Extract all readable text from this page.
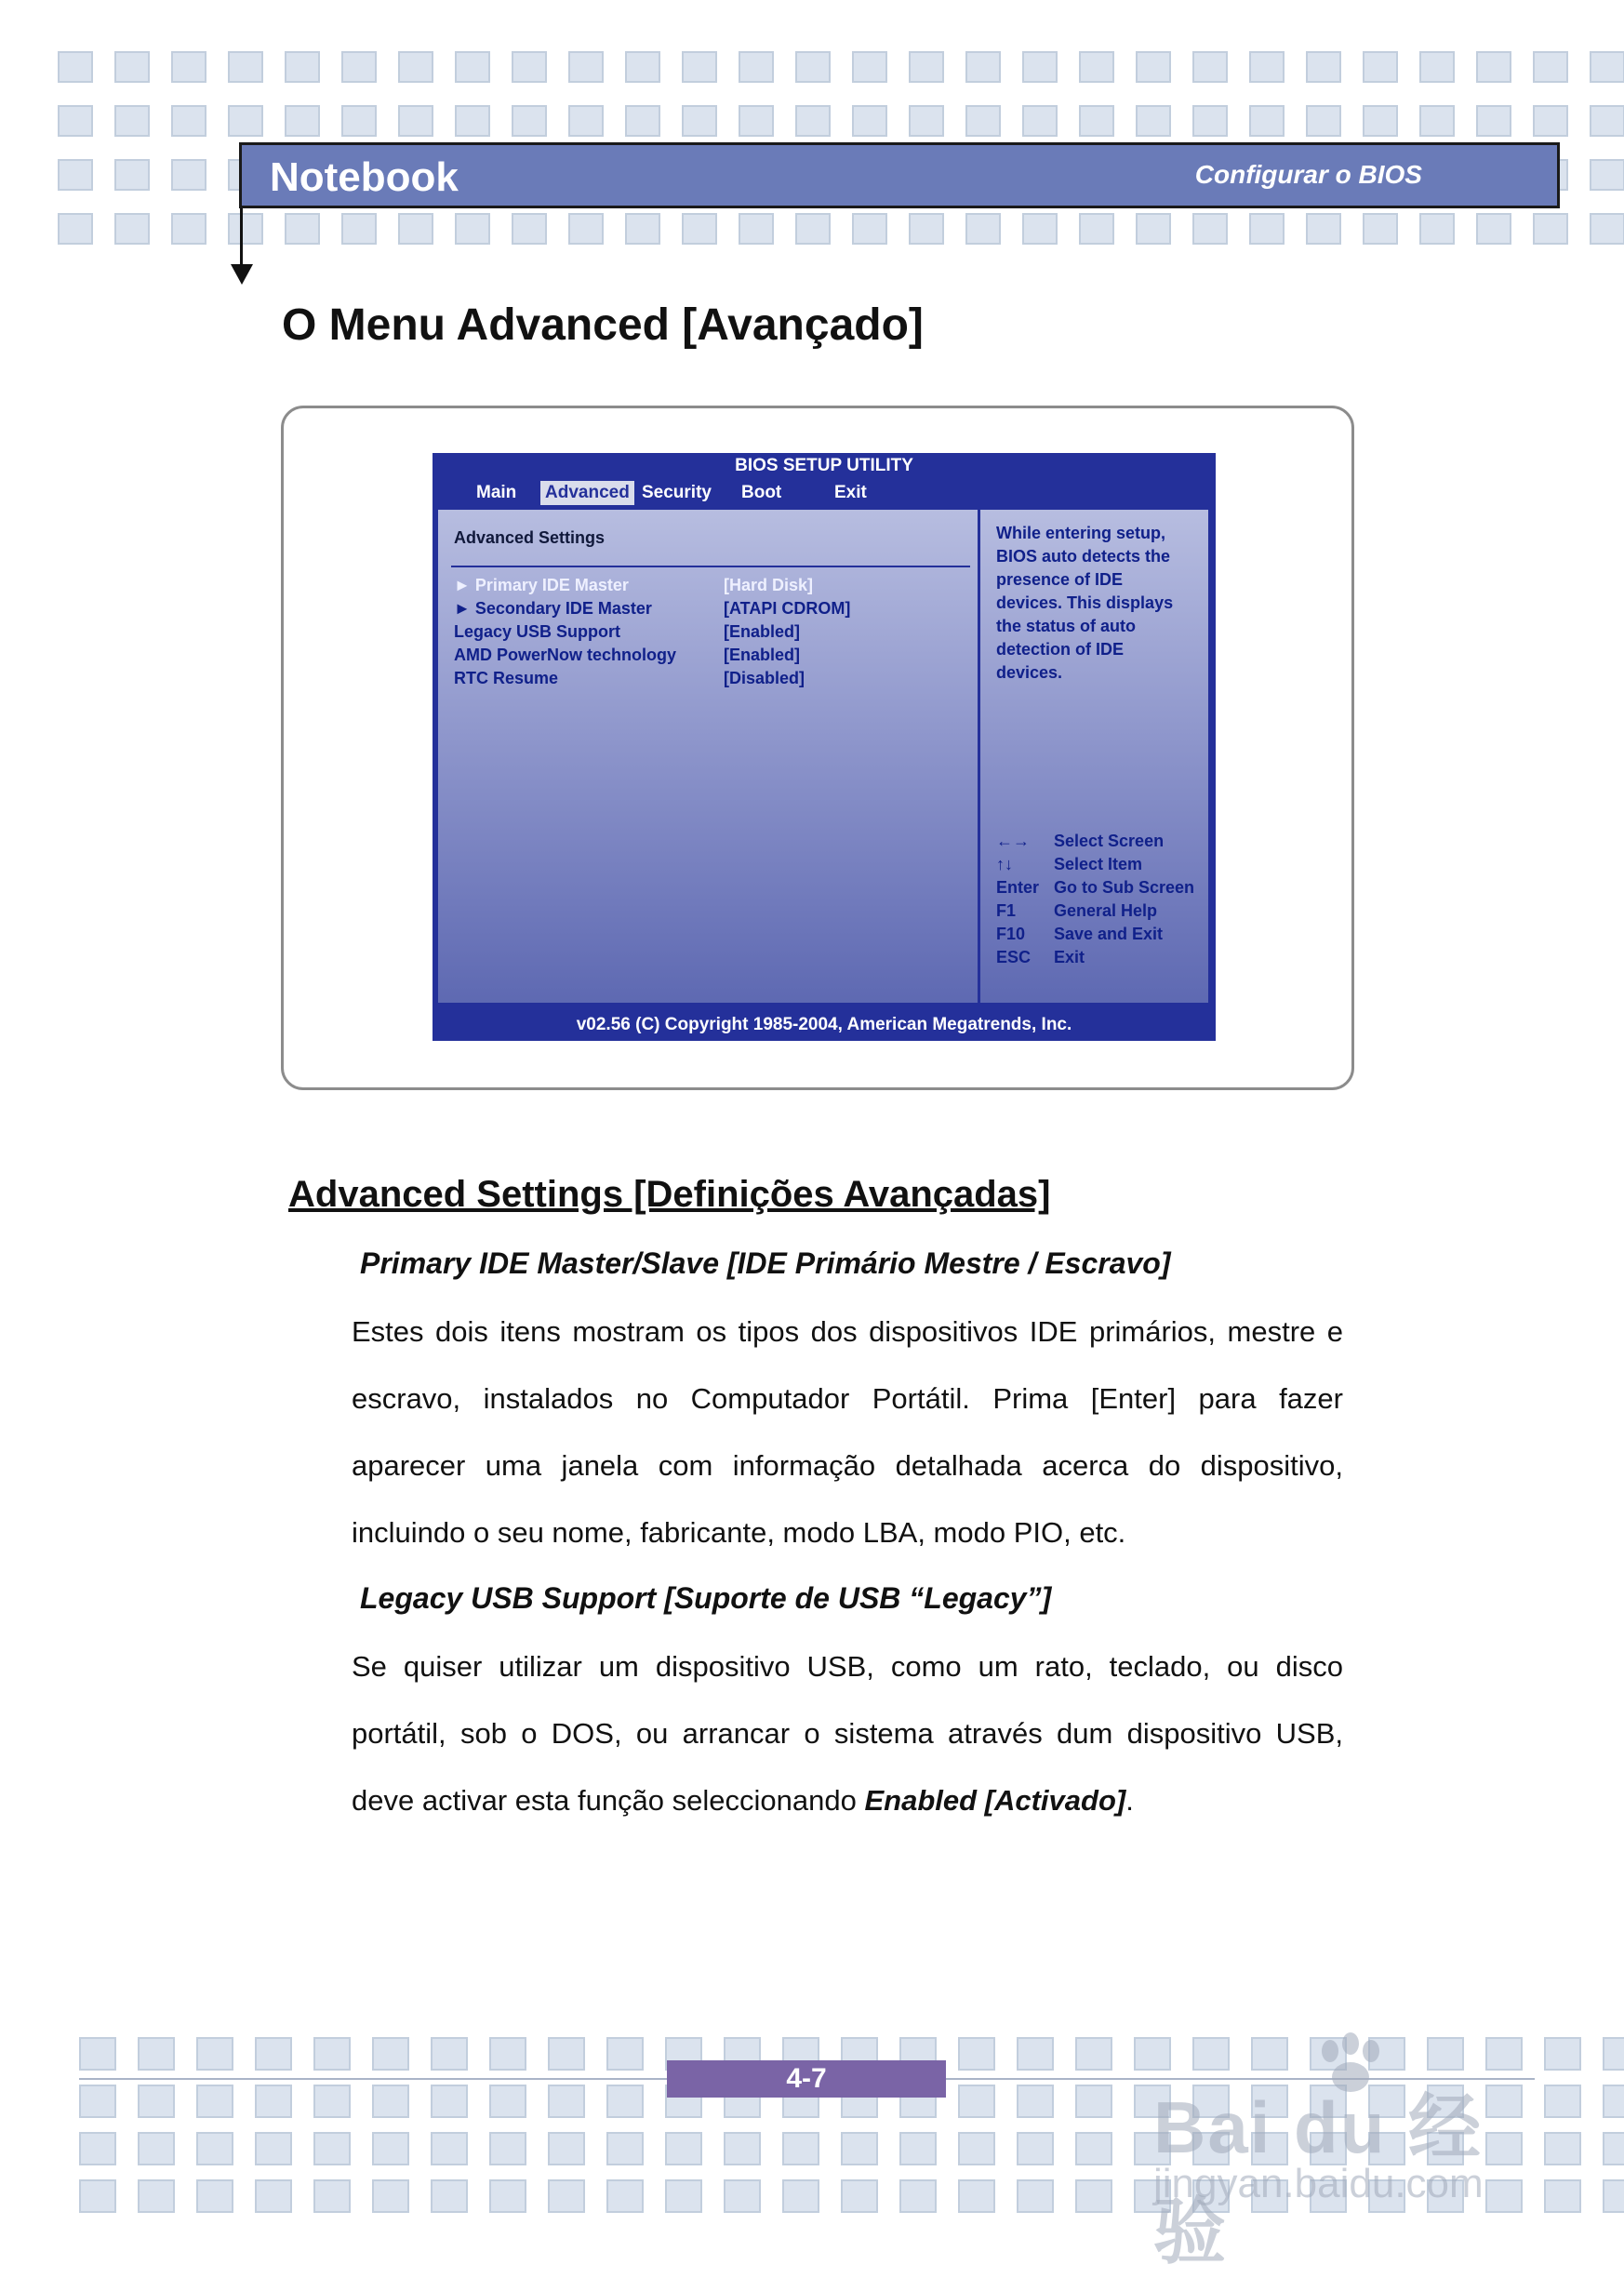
Notebook	Configurar o BIOS
O Menu Advanced [Avançado]
BIOS SETUP UTILITY
Main Advanced Security Boot	Exit
Advanced Settings
► Primary IDE Master	[Hard Disk]
► Secondary IDE Master	[ATAPI CDROM]
Legacy USB Support	[Enabled]
AMD PowerNow technology	[Enabled]
RTC Resume	[Disabled]
While entering setup,
BIOS auto detects the
presence of IDE
devices. This displays
the status of auto
detection of IDE
devices.
←→ Select Screen
↑↓ Select Item
Enter Go to Sub Screen
F1 General Help
F10 Save and Exit
ESC Exit
v02.56 (C) Copyright 1985-2004, American Megatrends, Inc.
Advanced Settings [Definições Avançadas]
Primary IDE Master/Slave [IDE Primário Mestre / Escravo]
Estes dois itens mostram os tipos dos dispositivos IDE primários, mestre e escravo, instalados no Computador Portátil. Prima [Enter] para fazer aparecer uma janela com informação detalhada acerca do dispositivo, incluindo o seu nome, fabricante, modo LBA, modo PIO, etc.
Legacy USB Support [Suporte de USB “Legacy”]
Se quiser utilizar um dispositivo USB, como um rato, teclado, ou disco portátil, sob o DOS, ou arrancar o sistema através dum dispositivo USB, deve activar esta função seleccionando Enabled [Activado].
4-7
Bai du 经验
jingyan.baidu.com
